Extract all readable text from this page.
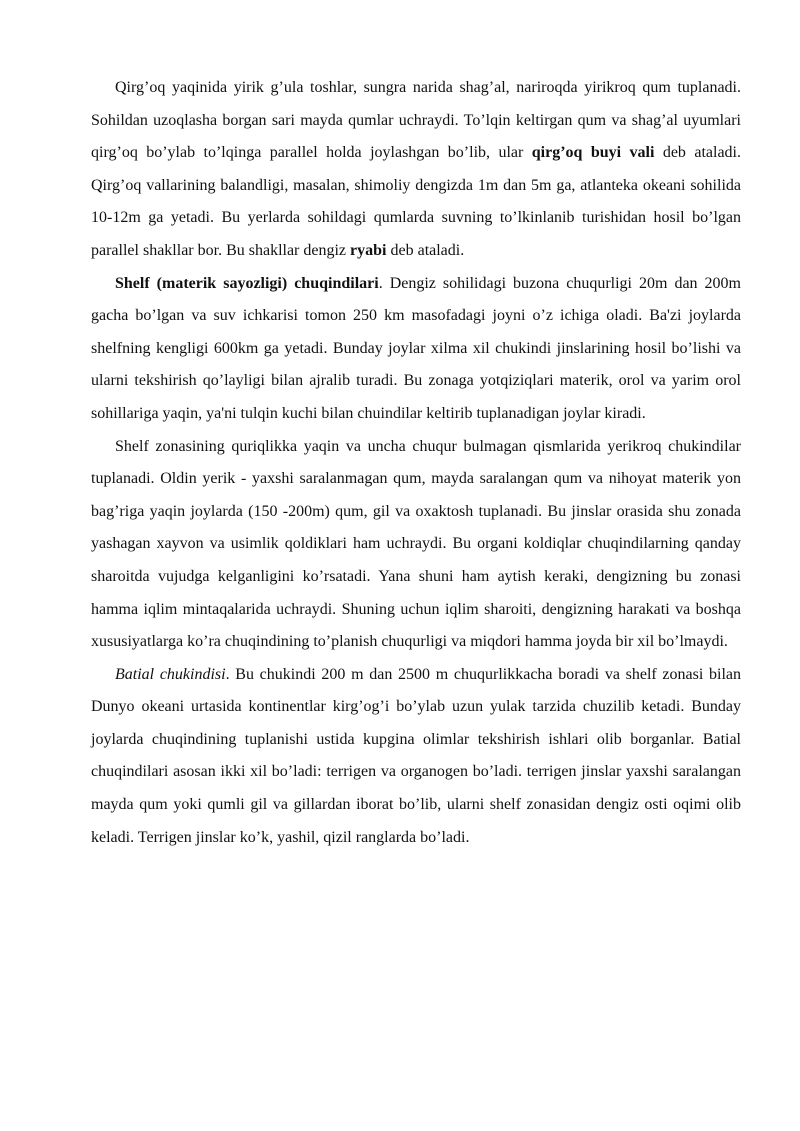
Qirg’oq yaqinida yirik g’ula toshlar, sungra narida shag’al, nariroqda yirikroq qum tuplanadi. Sohildan uzoqlasha borgan sari mayda qumlar uchraydi. To’lqin keltirgan qum va shag’al uyumlari qirg’oq bo’ylab to’lqinga parallel holda joylashgan bo’lib, ular qirg’oq buyi vali deb ataladi. Qirg’oq vallarining balandligi, masalan, shimoliy dengizda 1m dan 5m ga, atlanteka okeani sohilida 10-12m ga yetadi. Bu yerlarda sohildagi qumlarda suvning to’lkinlanib turishidan hosil bo’lgan parallel shakllar bor. Bu shakllar dengiz ryabi deb ataladi.

Shelf (materik sayozligi) chuqindilari. Dengiz sohilidagi buzona chuqurligi 20m dan 200m gacha bo’lgan va suv ichkarisi tomon 250 km masofadagi joyni o’z ichiga oladi. Ba'zi joylarda shelfning kengligi 600km ga yetadi. Bunday joylar xilma xil chukindi jinslarining hosil bo’lishi va ularni tekshirish qo’layligi bilan ajralib turadi. Bu zonaga yotqiziqlari materik, orol va yarim orol sohillariga yaqin, ya'ni tulqin kuchi bilan chuindilar keltirib tuplanadigan joylar kiradi.

Shelf zonasining quriqlikka yaqin va uncha chuqur bulmagan qismlarida yerikroq chukindilar tuplanadi. Oldin yerik - yaxshi saralanmagan qum, mayda saralangan qum va nihoyat materik yon bag’riga yaqin joylarda (150 -200m) qum, gil va oxaktosh tuplanadi. Bu jinslar orasida shu zonada yashagan xayvon va usimlik qoldiklari ham uchraydi. Bu organi koldiqlar chuqindilarning qanday sharoitda vujudga kelganligini ko’rsatadi. Yana shuni ham aytish keraki, dengizning bu zonasi hamma iqlim mintaqalarida uchraydi. Shuning uchun iqlim sharoiti, dengizning harakati va boshqa xususiyatlarga ko’ra chuqindining to’planish chuqurligi va miqdori hamma joyda bir xil bo’lmaydi.

Batial chukindisi. Bu chukindi 200 m dan 2500 m chuqurlikkacha boradi va shelf zonasi bilan Dunyo okeani urtasida kontinentlar kirg’og’i bo’ylab uzun yulak tarzida chuzilib ketadi. Bunday joylarda chuqindining tuplanishi ustida kupgina olimlar tekshirish ishlari olib borganlar. Batial chuqindilari asosan ikki xil bo’ladi: terrigen va organogen bo’ladi. terrigen jinslar yaxshi saralangan mayda qum yoki qumli gil va gillardan iborat bo’lib, ularni shelf zonasidan dengiz osti oqimi olib keladi. Terrigen jinslar ko’k, yashil, qizil ranglarda bo’ladi.
